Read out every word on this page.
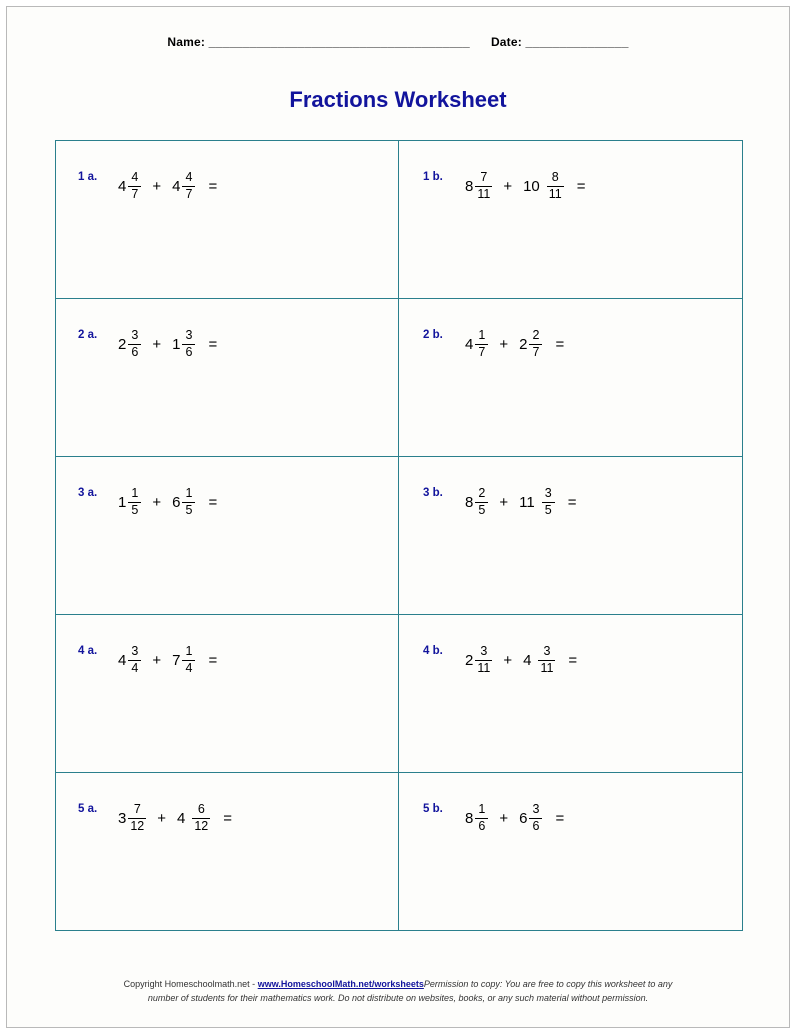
Name: ______________________________________ Date: _______________
Fractions Worksheet
1 a.
$4 \frac{4}{7} + 4 \frac{4}{7}$ =
1 b.
$8 \frac{7}{11} + 10 \frac{8}{11}$ =
2 a.
$2 \frac{3}{6} + 1 \frac{3}{6}$ =
2 b.
$4 \frac{1}{7} + 2 \frac{2}{7}$ =
3 a.
$1 \frac{1}{5} + 6 \frac{1}{5}$ =
3 b.
$8 \frac{2}{5} + 11 \frac{3}{5}$ =
4 a.
$4 \frac{3}{4} + 7 \frac{1}{4}$ =
4 b.
$2 \frac{3}{11} + 4 \frac{3}{11}$ =
5 a.
$3 \frac{7}{12} + 4 \frac{6}{12}$ =
5 b.
$8 \frac{1}{6} + 6 \frac{3}{6}$ =
Copyright Homeschoolmath.net - www.HomeschoolMath.net/worksheetsPermission to copy: You are free to copy this worksheet to any
number of students for their mathematics work. Do not distribute on websites, books, or any such material without permission.
